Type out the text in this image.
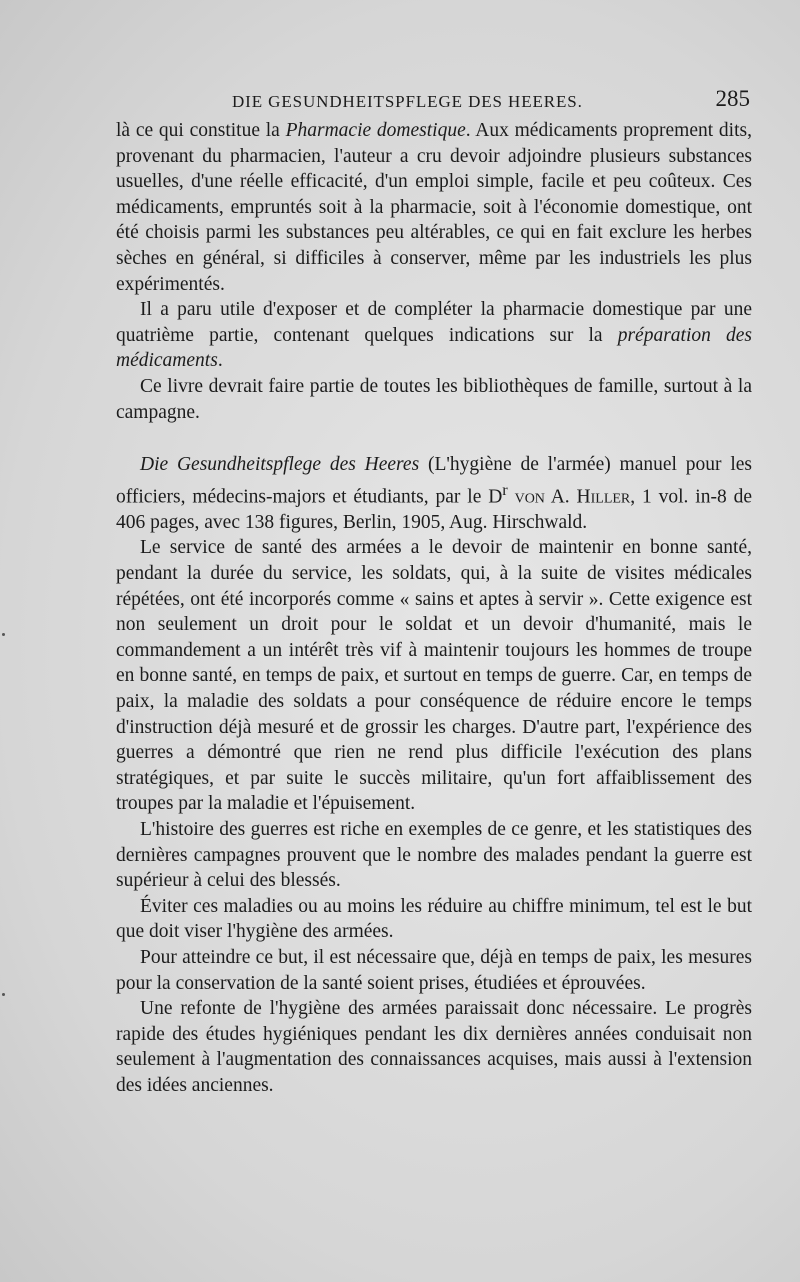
DIE GESUNDHEITSPFLEGE DES HEERES.	285

là ce qui constitue la Pharmacie domestique. Aux médicaments proprement dits, provenant du pharmacien, l'auteur a cru devoir adjoindre plusieurs substances usuelles, d'une réelle efficacité, d'un emploi simple, facile et peu coûteux. Ces médicaments, empruntés soit à la pharmacie, soit à l'économie domestique, ont été choisis parmi les substances peu altérables, ce qui en fait exclure les herbes sèches en général, si difficiles à conserver, même par les industriels les plus expérimentés.

Il a paru utile d'exposer et de compléter la pharmacie domestique par une quatrième partie, contenant quelques indications sur la préparation des médicaments.

Ce livre devrait faire partie de toutes les bibliothèques de famille, surtout à la campagne.

Die Gesundheitspflege des Heeres (L'hygiène de l'armée) manuel pour les officiers, médecins-majors et étudiants, par le $D^r$ von A. Hiller, 1 vol. in-8 de 406 pages, avec 138 figures, Berlin, 1905, Aug. Hirschwald.

Le service de santé des armées a le devoir de maintenir en bonne santé, pendant la durée du service, les soldats, qui, à la suite de visites médicales répétées, ont été incorporés comme « sains et aptes à servir ». Cette exigence est non seulement un droit pour le soldat et un devoir d'humanité, mais le commandement a un intérêt très vif à maintenir toujours les hommes de troupe en bonne santé, en temps de paix, et surtout en temps de guerre. Car, en temps de paix, la maladie des soldats a pour conséquence de réduire encore le temps d'instruction déjà mesuré et de grossir les charges. D'autre part, l'expérience des guerres a démontré que rien ne rend plus difficile l'exécution des plans stratégiques, et par suite le succès militaire, qu'un fort affaiblissement des troupes par la maladie et l'épuisement.

L'histoire des guerres est riche en exemples de ce genre, et les statistiques des dernières campagnes prouvent que le nombre des malades pendant la guerre est supérieur à celui des blessés.

Éviter ces maladies ou au moins les réduire au chiffre minimum, tel est le but que doit viser l'hygiène des armées.

Pour atteindre ce but, il est nécessaire que, déjà en temps de paix, les mesures pour la conservation de la santé soient prises, étudiées et éprouvées.

Une refonte de l'hygiène des armées paraissait donc nécessaire. Le progrès rapide des études hygiéniques pendant les dix dernières années conduisait non seulement à l'augmentation des connaissances acquises, mais aussi à l'extension des idées anciennes.
